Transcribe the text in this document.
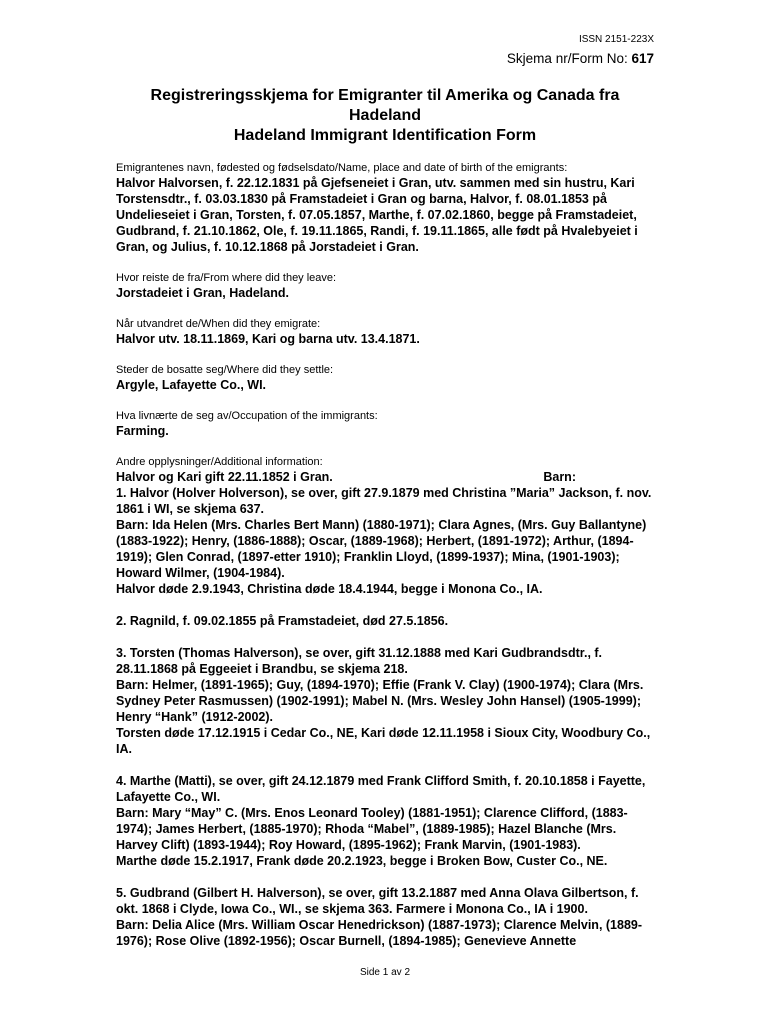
ISSN 2151-223X
Skjema nr/Form No: 617
Registreringsskjema for Emigranter til Amerika og Canada fra
Hadeland
Hadeland Immigrant Identification Form

Emigrantenes navn, fødested og fødselsdato/Name, place and date of birth of the emigrants:

Halvor Halvorsen, f. 22.12.1831 på Gjefseneiet i Gran, utv. sammen med sin hustru, Kari Torstensdtr., f. 03.03.1830 på Framstadeiet i Gran og barna, Halvor, f. 08.01.1853 på Undelieseiet i Gran, Torsten, f. 07.05.1857, Marthe, f. 07.02.1860, begge på Framstadeiet, Gudbrand, f. 21.10.1862, Ole, f. 19.11.1865, Randi, f. 19.11.1865, alle født på Hvalebyeiet i Gran, og Julius, f. 10.12.1868 på Jorstadeiet i Gran.

Hvor reiste de fra/From where did they leave:

Jorstadeiet i Gran, Hadeland.

Når utvandret de/When did they emigrate:

Halvor utv. 18.11.1869, Kari og barna utv. 13.4.1871.

Steder de bosatte seg/Where did they settle:

Argyle, Lafayette Co., WI.

Hva livnærte de seg av/Occupation of the immigrants:

Farming.

Andre opplysninger/Additional information:

Halvor og Kari gift 22.11.1852 i Gran.	Barn:

1. Halvor (Holver Holverson), se over, gift 27.9.1879 med Christina ”Maria” Jackson, f. nov. 1861 i WI, se skjema 637.

Barn: Ida Helen (Mrs. Charles Bert Mann) (1880-1971); Clara Agnes, (Mrs. Guy Ballantyne) (1883-1922); Henry, (1886-1888); Oscar, (1889-1968); Herbert, (1891-1972); Arthur, (1894-1919); Glen Conrad, (1897-etter 1910); Franklin Lloyd, (1899-1937); Mina, (1901-1903); Howard Wilmer, (1904-1984).

Halvor døde 2.9.1943, Christina døde 18.4.1944, begge i Monona Co., IA.

2. Ragnild, f. 09.02.1855 på Framstadeiet, død 27.5.1856.

3. Torsten (Thomas Halverson), se over, gift 31.12.1888 med Kari Gudbrandsdtr., f. 28.11.1868 på Eggeeiet i Brandbu, se skjema 218.

Barn: Helmer, (1891-1965); Guy, (1894-1970); Effie (Frank V. Clay) (1900-1974); Clara (Mrs. Sydney Peter Rasmussen) (1902-1991); Mabel N. (Mrs. Wesley John Hansel) (1905-1999); Henry “Hank” (1912-2002).

Torsten døde 17.12.1915 i Cedar Co., NE, Kari døde 12.11.1958 i Sioux City, Woodbury Co., IA.

4. Marthe (Matti), se over, gift 24.12.1879 med Frank Clifford Smith, f. 20.10.1858 i Fayette, Lafayette Co., WI.

Barn: Mary “May” C. (Mrs. Enos Leonard Tooley) (1881-1951); Clarence Clifford, (1883-1974); James Herbert, (1885-1970); Rhoda “Mabel”, (1889-1985); Hazel Blanche (Mrs. Harvey Clift) (1893-1944); Roy Howard, (1895-1962); Frank Marvin, (1901-1983).

Marthe døde 15.2.1917, Frank døde 20.2.1923, begge i Broken Bow, Custer Co., NE.

5. Gudbrand (Gilbert H. Halverson), se over, gift 13.2.1887 med Anna Olava Gilbertson, f. okt. 1868 i Clyde, Iowa Co., WI., se skjema 363. Farmere i Monona Co., IA i 1900.

Barn: Delia Alice (Mrs. William Oscar Henedrickson) (1887-1973); Clarence Melvin, (1889-1976); Rose Olive (1892-1956); Oscar Burnell, (1894-1985); Genevieve Annette

Side 1 av 2
